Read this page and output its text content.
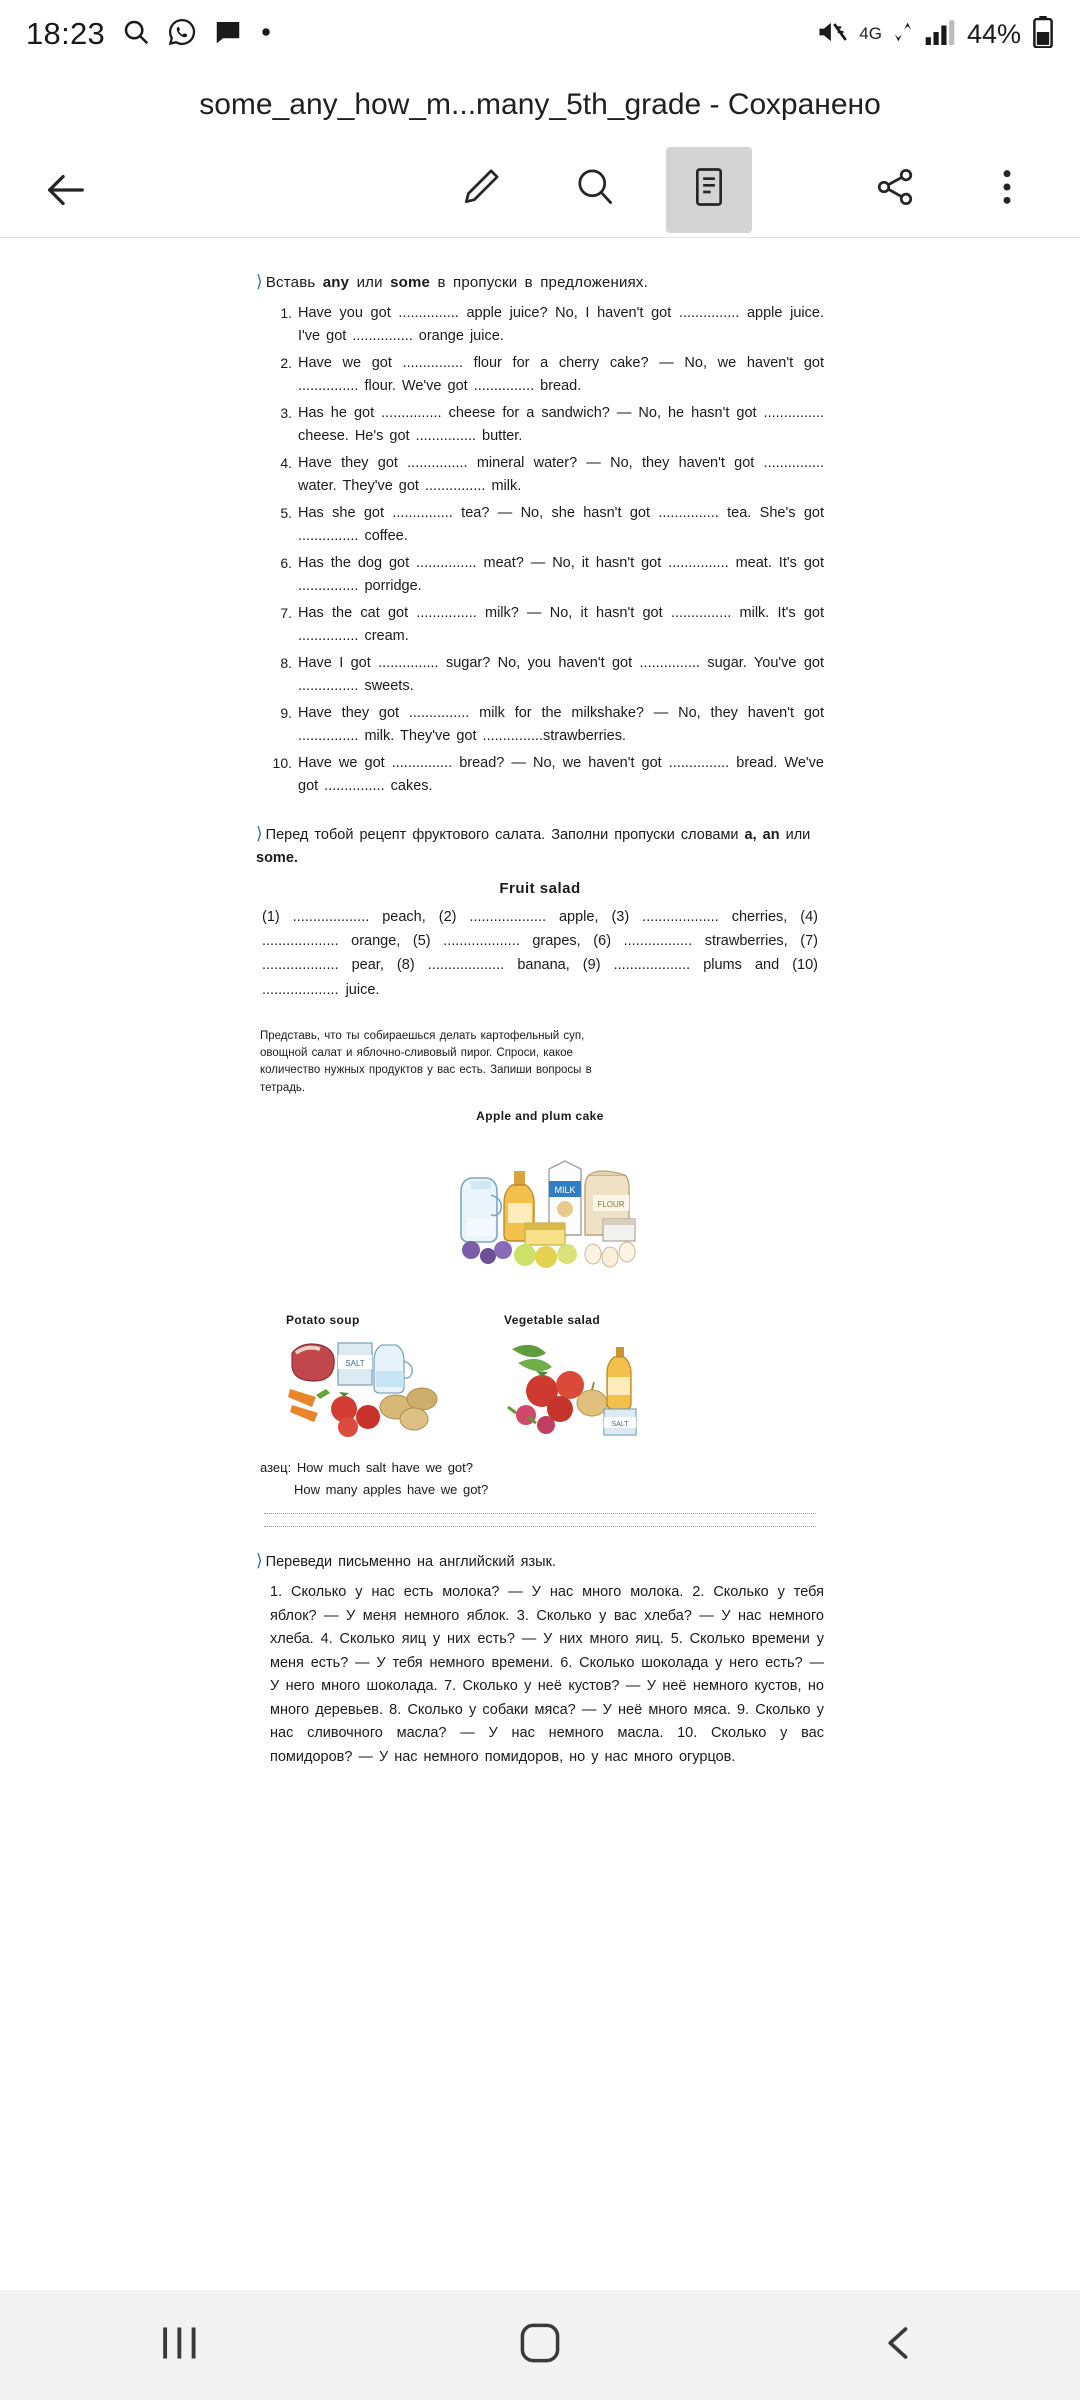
18:23	4G	44%
some_any_how_m...many_5th_grade - Сохранено
⟩ Вставь any или some в пропуски в предложениях.
Have you got ............... apple juice? No, I haven't got ............... apple juice. I've got ............... orange juice.
Have we got ............... flour for a cherry cake? — No, we haven't got ............... flour. We've got ............... bread.
Has he got ............... cheese for a sandwich? — No, he hasn't got ............... cheese. He's got ............... butter.
Have they got ............... mineral water? — No, they haven't got ............... water. They've got ............... milk.
Has she got ............... tea? — No, she hasn't got ............... tea. She's got ............... coffee.
Has the dog got ............... meat? — No, it hasn't got ............... meat. It's got ............... porridge.
Has the cat got ............... milk? — No, it hasn't got ............... milk. It's got ............... cream.
Have I got ............... sugar? No, you haven't got ............... sugar. You've got ............... sweets.
Have they got ............... milk for the milkshake? — No, they haven't got ............... milk. They've got ...............strawberries.
Have we got ............... bread? — No, we haven't got ............... bread. We've got ............... cakes.
⟩ Перед тобой рецепт фруктового салата. Заполни пропуски словами a, an или some.
Fruit salad
(1) ................... peach, (2) ................... apple, (3) ................... cherries, (4) ................... orange, (5) ................... grapes, (6) ................. strawberries, (7) ................... pear, (8) ................... banana, (9) ................... plums and (10) ................... juice.
Представь, что ты собираешься делать картофельный суп, овощной салат и яблочно-сливовый пирог. Спроси, какое количество нужных продуктов у вас есть. Запиши вопросы в тетрадь.
Apple and plum cake
MILK
FLOUR
Potato soup
SALT
Vegetable salad
SALT
азец: How much salt have we got?
How many apples have we got?
⟩ Переведи письменно на английский язык.
1. Сколько у нас есть молока? — У нас много молока. 2. Сколько у тебя яблок? — У меня немного яблок. 3. Сколько у вас хлеба? — У нас немного хлеба. 4. Сколько яиц у них есть? — У них много яиц. 5. Сколько времени у меня есть? — У тебя немного времени. 6. Сколько шоколада у него есть? — У него много шоколада. 7. Сколько у неё кустов? — У неё немного кустов, но много деревьев. 8. Сколько у собаки мяса? — У неё много мяса. 9. Сколько у нас сливочного масла? — У нас немного масла. 10. Сколько у вас помидоров? — У нас немного помидоров, но у нас много огурцов.
